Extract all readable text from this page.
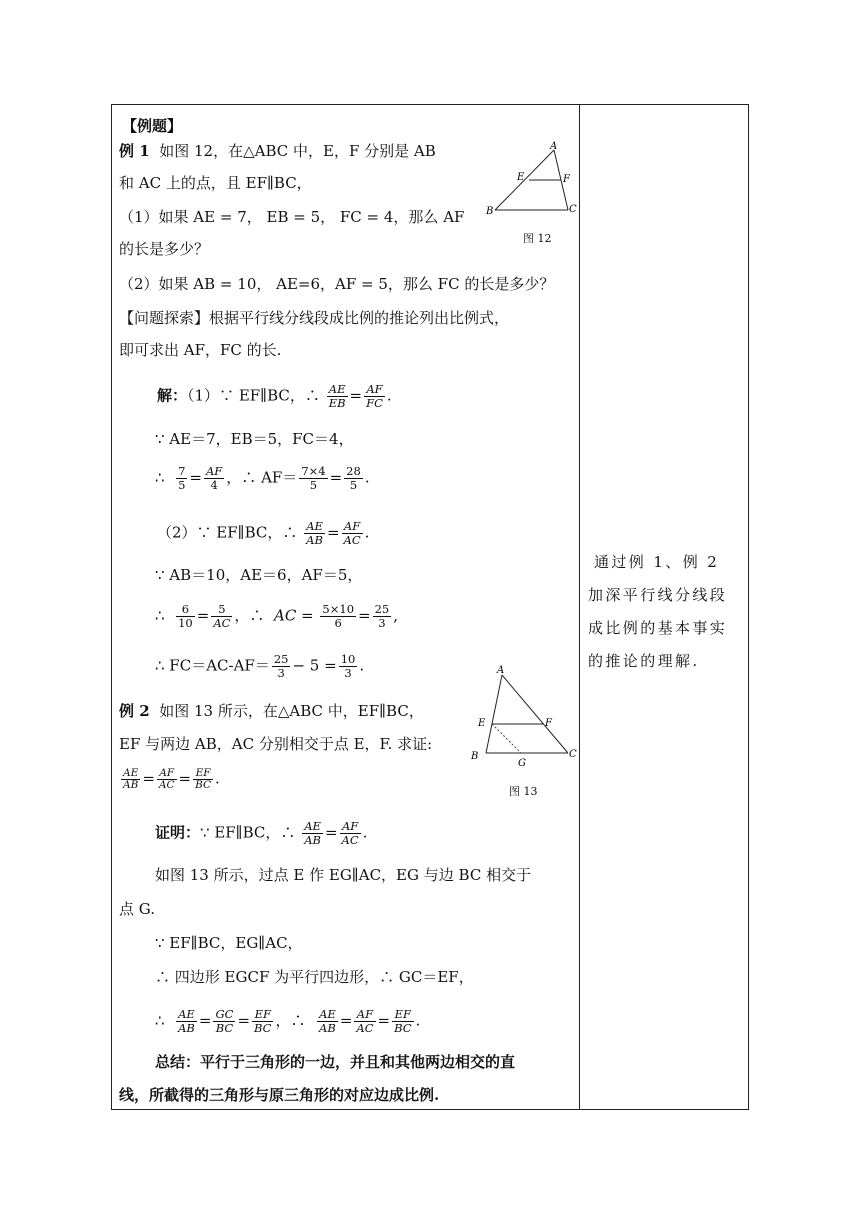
【例题】
例 1 如图 12，在△ABC 中，E，F 分别是 AB
和 AC 上的点，且 EF∥BC，
（1）如果 AE = 7， EB = 5， FC = 4，那么 AF
的长是多少？
（2）如果 AB = 10， AE=6，AF = 5，那么 FC 的长是多少？
【问题探索】根据平行线分线段成比例的推论列出比例式，
即可求出 AF，FC 的长.
A
E	F
B	C
图 12
解：（1）∵ EF∥BC，∴ $\frac{AE}{EB} = \frac{AF}{FC}$ .
∵ AE＝7，EB＝5，FC＝4，
∴ $\frac{7}{5} = \frac{AF}{4}$ ，∴ $AF= \frac{7\times 4}{5} = \frac{28}{5}$ .
（2）∵ EF∥BC，∴ $\frac{AE}{AB} = \frac{AF}{AC}$ .
∵ AB＝10，AE＝6，AF＝5，
∴ $\frac{6}{10} = \frac{5}{AC}$ ，∴ AC = $\frac{5\times 10}{6} = \frac{25}{3}$ ,
∴ $FC=AC-AF= \frac{25}{3} - 5 = \frac{10}{3}$ .
例 2 如图 13 所示，在△ABC 中，EF∥BC，
EF 与两边 AB，AC 分别相交于点 E，F. 求证:
$\frac{AE}{AB} = \frac{AF}{AC} = \frac{EF}{BC}$ .
A
E	F
B
G
C
图 13
证明：∵ EF∥BC，∴ $\frac{AE}{AB} = \frac{AF}{AC}$ .
如图 13 所示，过点 E 作 EG∥AC，EG 与边 BC 相交于
点 G.
∵ EF∥BC，EG∥AC，
∴ 四边形 EGCF 为平行四边形，∴ GC＝EF，
∴ $\frac{AE}{AB} = \frac{GC}{BC} = \frac{EF}{BC}$ ，∴ $\frac{AE}{AB} = \frac{AF}{AC} = \frac{EF}{BC}$ .
总结：平行于三角形的一边，并且和其他两边相交的直
线，所截得的三角形与原三角形的对应边成比例.
通过例 1、例 2 加深平行线分线段成比例的基本事实的推论的理解.
